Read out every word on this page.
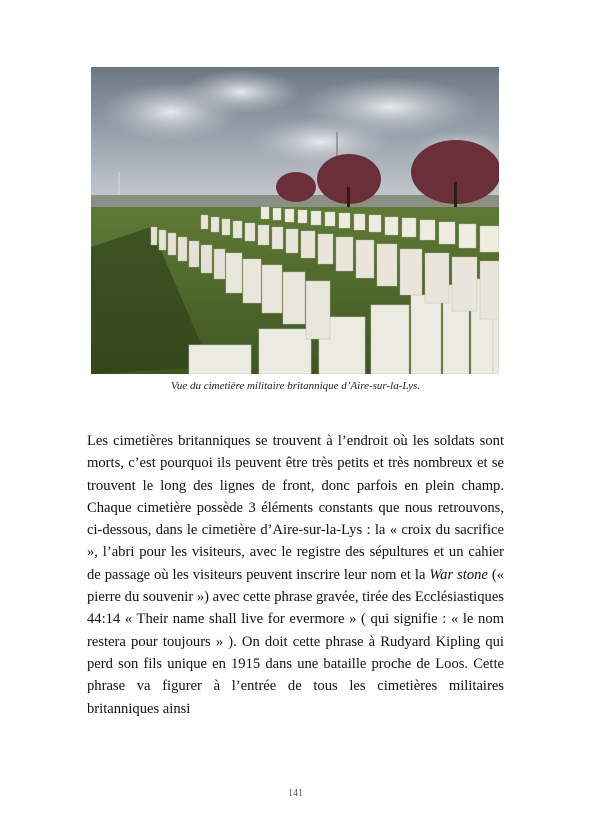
Vue du cimetière militaire britannique d’Aire-sur-la-Lys.
Les cimetières britanniques se trouvent à l’endroit où les soldats sont morts, c’est pourquoi ils peuvent être très petits et très nombreux et se trouvent le long des lignes de front, donc parfois en plein champ. Chaque cimetière possède 3 éléments constants que nous retrouvons, ci-dessous, dans le cimetière d’Aire-sur-la-Lys : la « croix du sacrifice », l’abri pour les visiteurs, avec le registre des sépultures et un cahier de passage où les visiteurs peuvent inscrire leur nom et la War stone (« pierre du souvenir ») avec cette phrase gravée, tirée des Ecclésiastiques 44:14 « Their name shall live for evermore » ( qui signifie : « le nom restera pour toujours » ). On doit cette phrase à Rudyard Kipling qui perd son fils unique en 1915 dans une bataille proche de Loos. Cette phrase va figurer à l’entrée de tous les cimetières militaires britanniques ainsi
141
